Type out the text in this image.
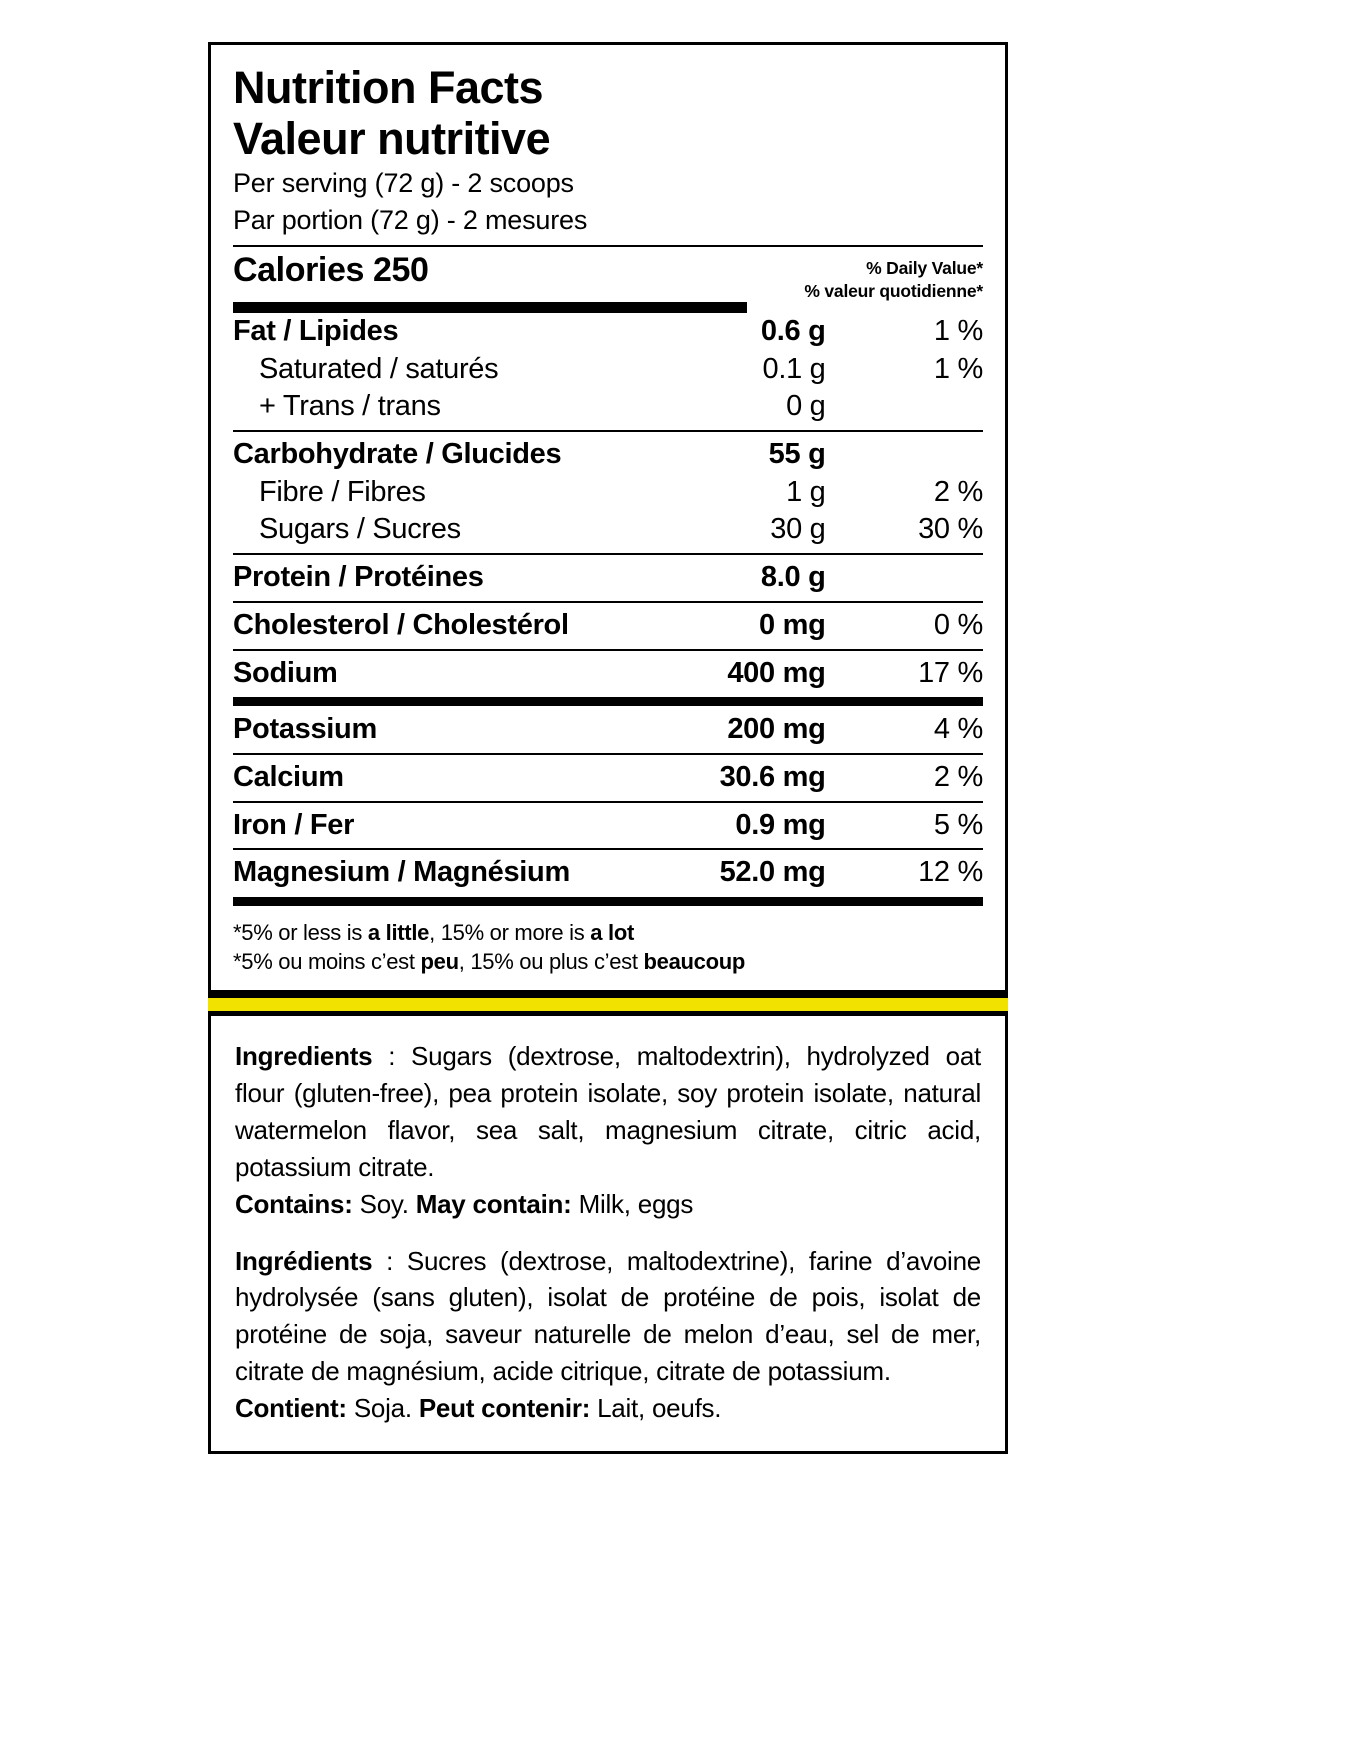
Nutrition Facts
Valeur nutritive
Per serving (72 g) - 2 scoops
Par portion (72 g) - 2 mesures
Calories 250	% Daily Value*
% valeur quotidienne*
Fat / Lipides	0.6 g	1 %
Saturated / saturés	0.1 g	1 %
+ Trans / trans	0 g	

Carbohydrate / Glucides	55 g	
Fibre / Fibres	1 g	2 %
Sugars / Sucres	30 g	30 %

Protein / Protéines	8.0 g	

Cholesterol / Cholestérol	0 mg	0 %

Sodium	400 mg	17 %

Potassium	200 mg	4 %

Calcium	30.6 mg	2 %

Iron / Fer	0.9 mg	5 %

Magnesium / Magnésium	52.0 mg	12 %

*5% or less is a little, 15% or more is a lot
*5% ou moins c’est peu, 15% ou plus c’est beaucoup

Ingredients : Sugars (dextrose, maltodextrin), hydrolyzed oat flour (gluten-free), pea protein isolate, soy protein isolate, natural watermelon flavor, sea salt, magnesium citrate, citric acid, potassium citrate.

Contains: Soy. May contain: Milk, eggs

Ingrédients : Sucres (dextrose, maltodextrine), farine d’avoine hydrolysée (sans gluten), isolat de protéine de pois, isolat de protéine de soja, saveur naturelle de melon d’eau, sel de mer, citrate de magnésium, acide citrique, citrate de potassium.

Contient: Soja. Peut contenir: Lait, oeufs.
